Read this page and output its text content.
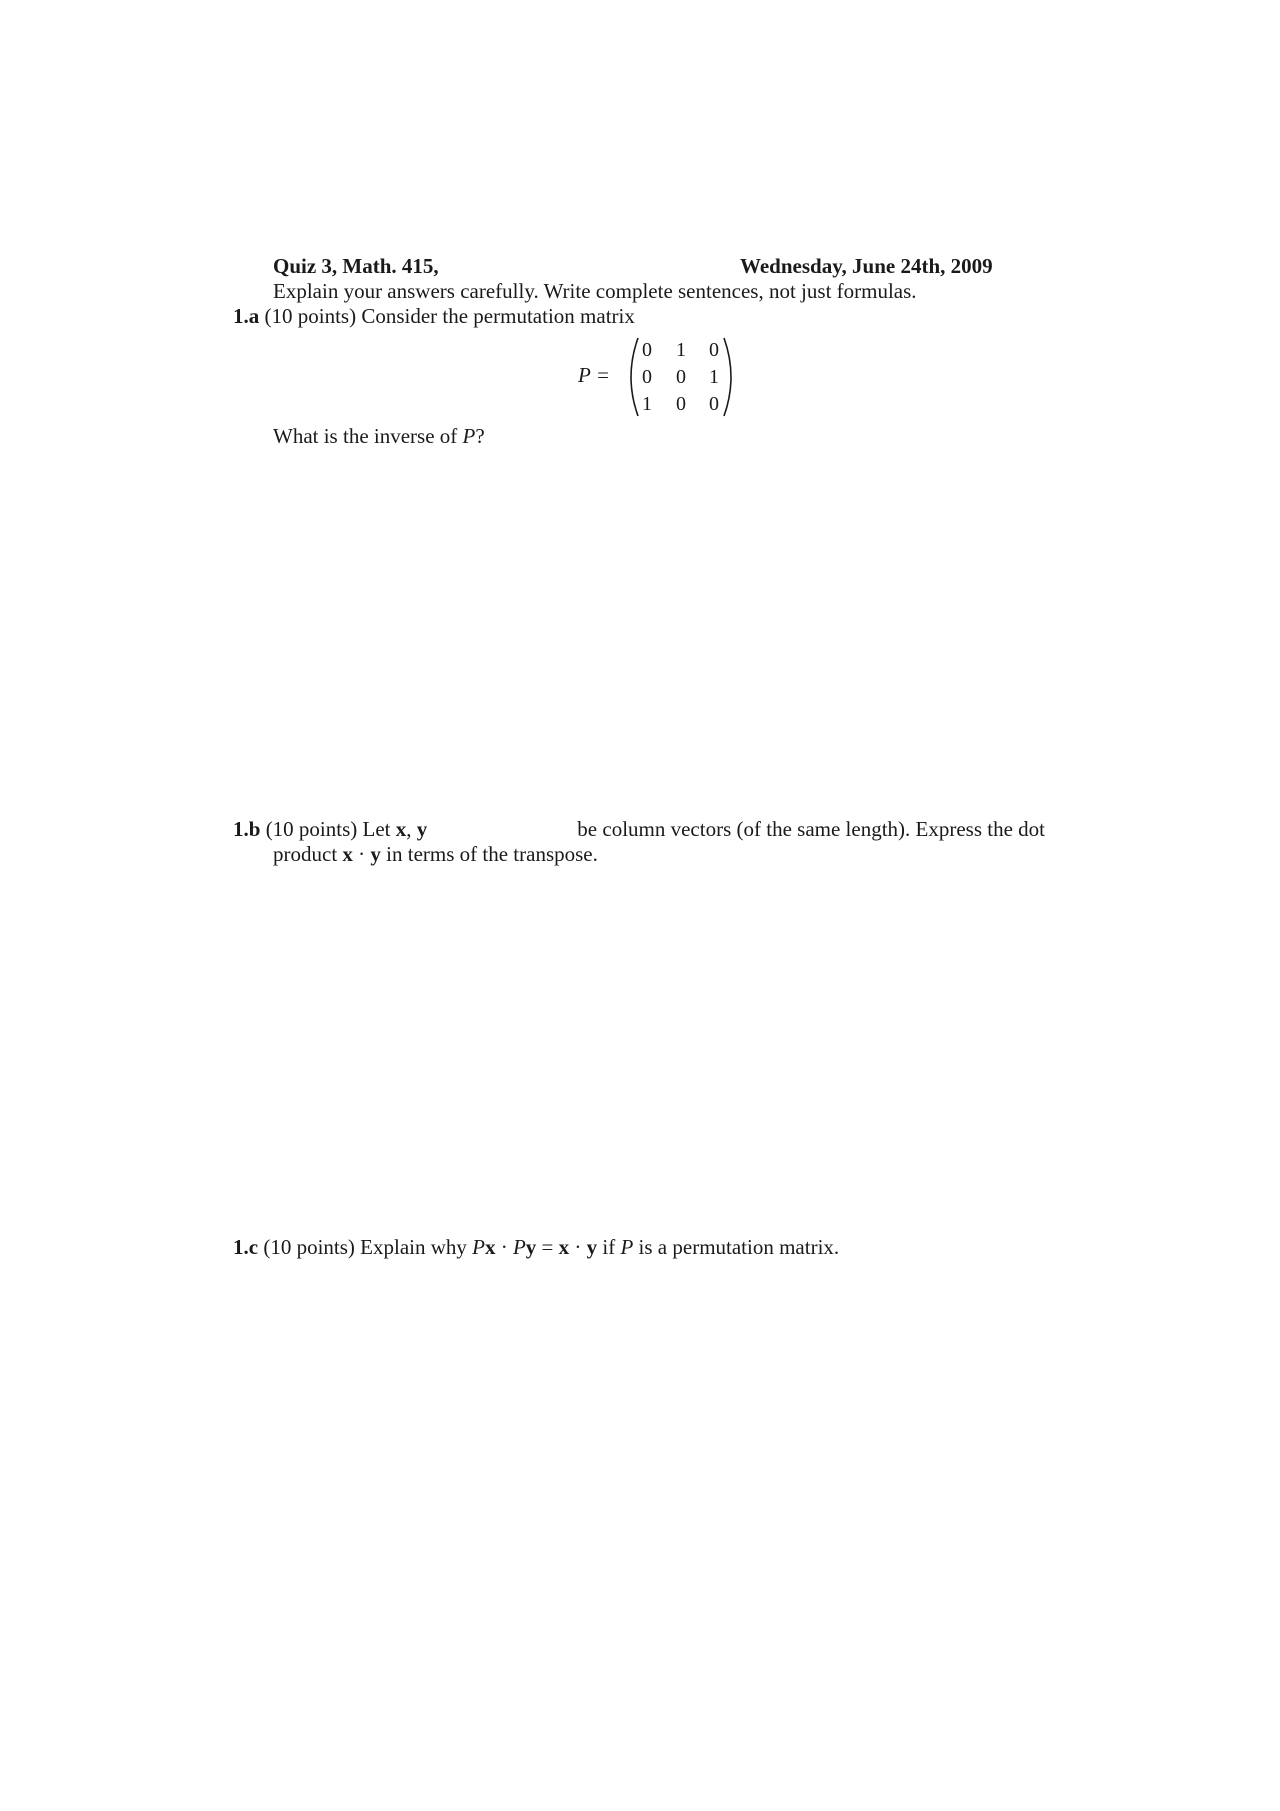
Quiz 3, Math. 415,	Wednesday, June 24th, 2009
Explain your answers carefully. Write complete sentences, not just formulas.
1.a (10 points) Consider the permutation matrix
P =
0 1 0
0 0 1
1 0 0
What is the inverse of P?
1.b (10 points) Let x, y	be column vectors (of the same length). Express the dot
product x · y in terms of the transpose.
1.c (10 points) Explain why Px · Py = x · y if P is a permutation matrix.
